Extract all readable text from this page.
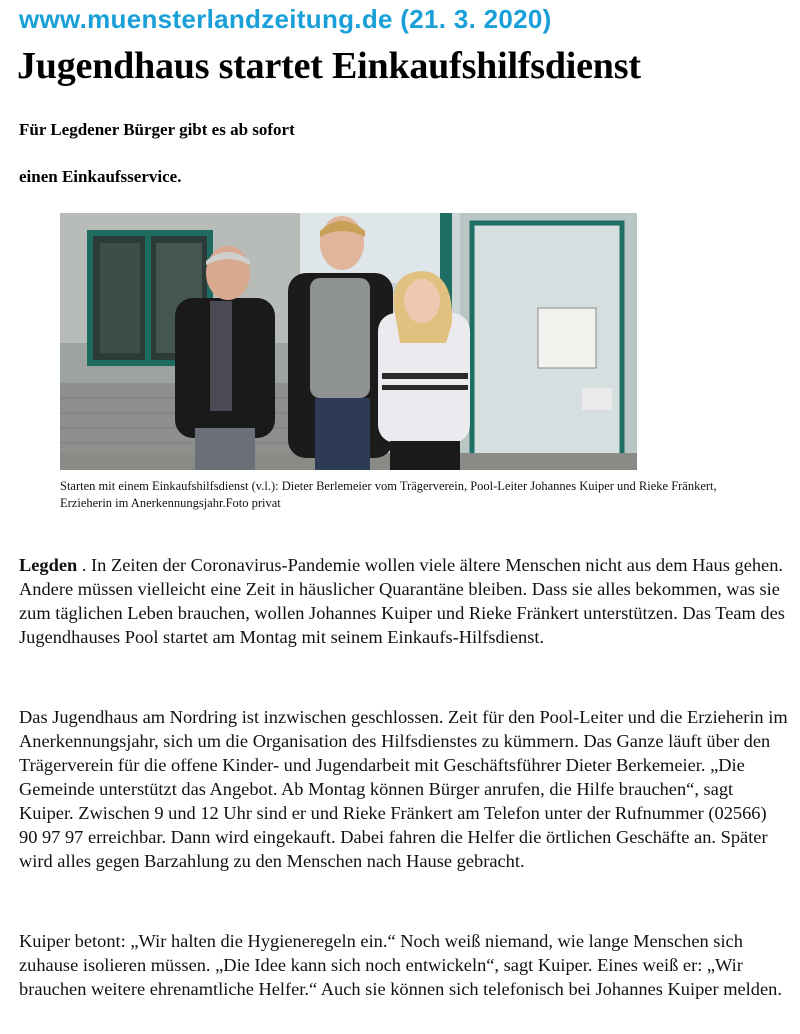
www.muensterlandzeitung.de (21. 3. 2020)
Jugendhaus startet Einkaufshilfsdienst
Für Legdener Bürger gibt es ab sofort
einen Einkaufsservice.
Starten mit einem Einkaufshilfsdienst (v.l.): Dieter Berlemeier vom Trägerverein, Pool-Leiter Johannes Kuiper und Rieke Fränkert, Erzieherin im Anerkennungsjahr.Foto privat
Legden . In Zeiten der Coronavirus-Pandemie wollen viele ältere Menschen nicht aus dem Haus gehen. Andere müssen vielleicht eine Zeit in häuslicher Quarantäne bleiben. Dass sie alles bekommen, was sie zum täglichen Leben brauchen, wollen Johannes Kuiper und Rieke Fränkert unterstützen. Das Team des Jugendhauses Pool startet am Montag mit seinem Einkaufs-Hilfsdienst.
Das Jugendhaus am Nordring ist inzwischen geschlossen. Zeit für den Pool-Leiter und die Erzieherin im Anerkennungsjahr, sich um die Organisation des Hilfsdienstes zu kümmern. Das Ganze läuft über den Trägerverein für die offene Kinder- und Jugendarbeit mit Geschäftsführer Dieter Berkemeier. „Die Gemeinde unterstützt das Angebot. Ab Montag können Bürger anrufen, die Hilfe brauchen“, sagt Kuiper. Zwischen 9 und 12 Uhr sind er und Rieke Fränkert am Telefon unter der Rufnummer (02566) 90 97 97 erreichbar. Dann wird eingekauft. Dabei fahren die Helfer die örtlichen Geschäfte an. Später wird alles gegen Barzahlung zu den Menschen nach Hause gebracht.
Kuiper betont: „Wir halten die Hygieneregeln ein.“ Noch weiß niemand, wie lange Menschen sich zuhause isolieren müssen. „Die Idee kann sich noch entwickeln“, sagt Kuiper. Eines weiß er: „Wir brauchen weitere ehrenamtliche Helfer.“ Auch sie können sich telefonisch bei Johannes Kuiper melden.
